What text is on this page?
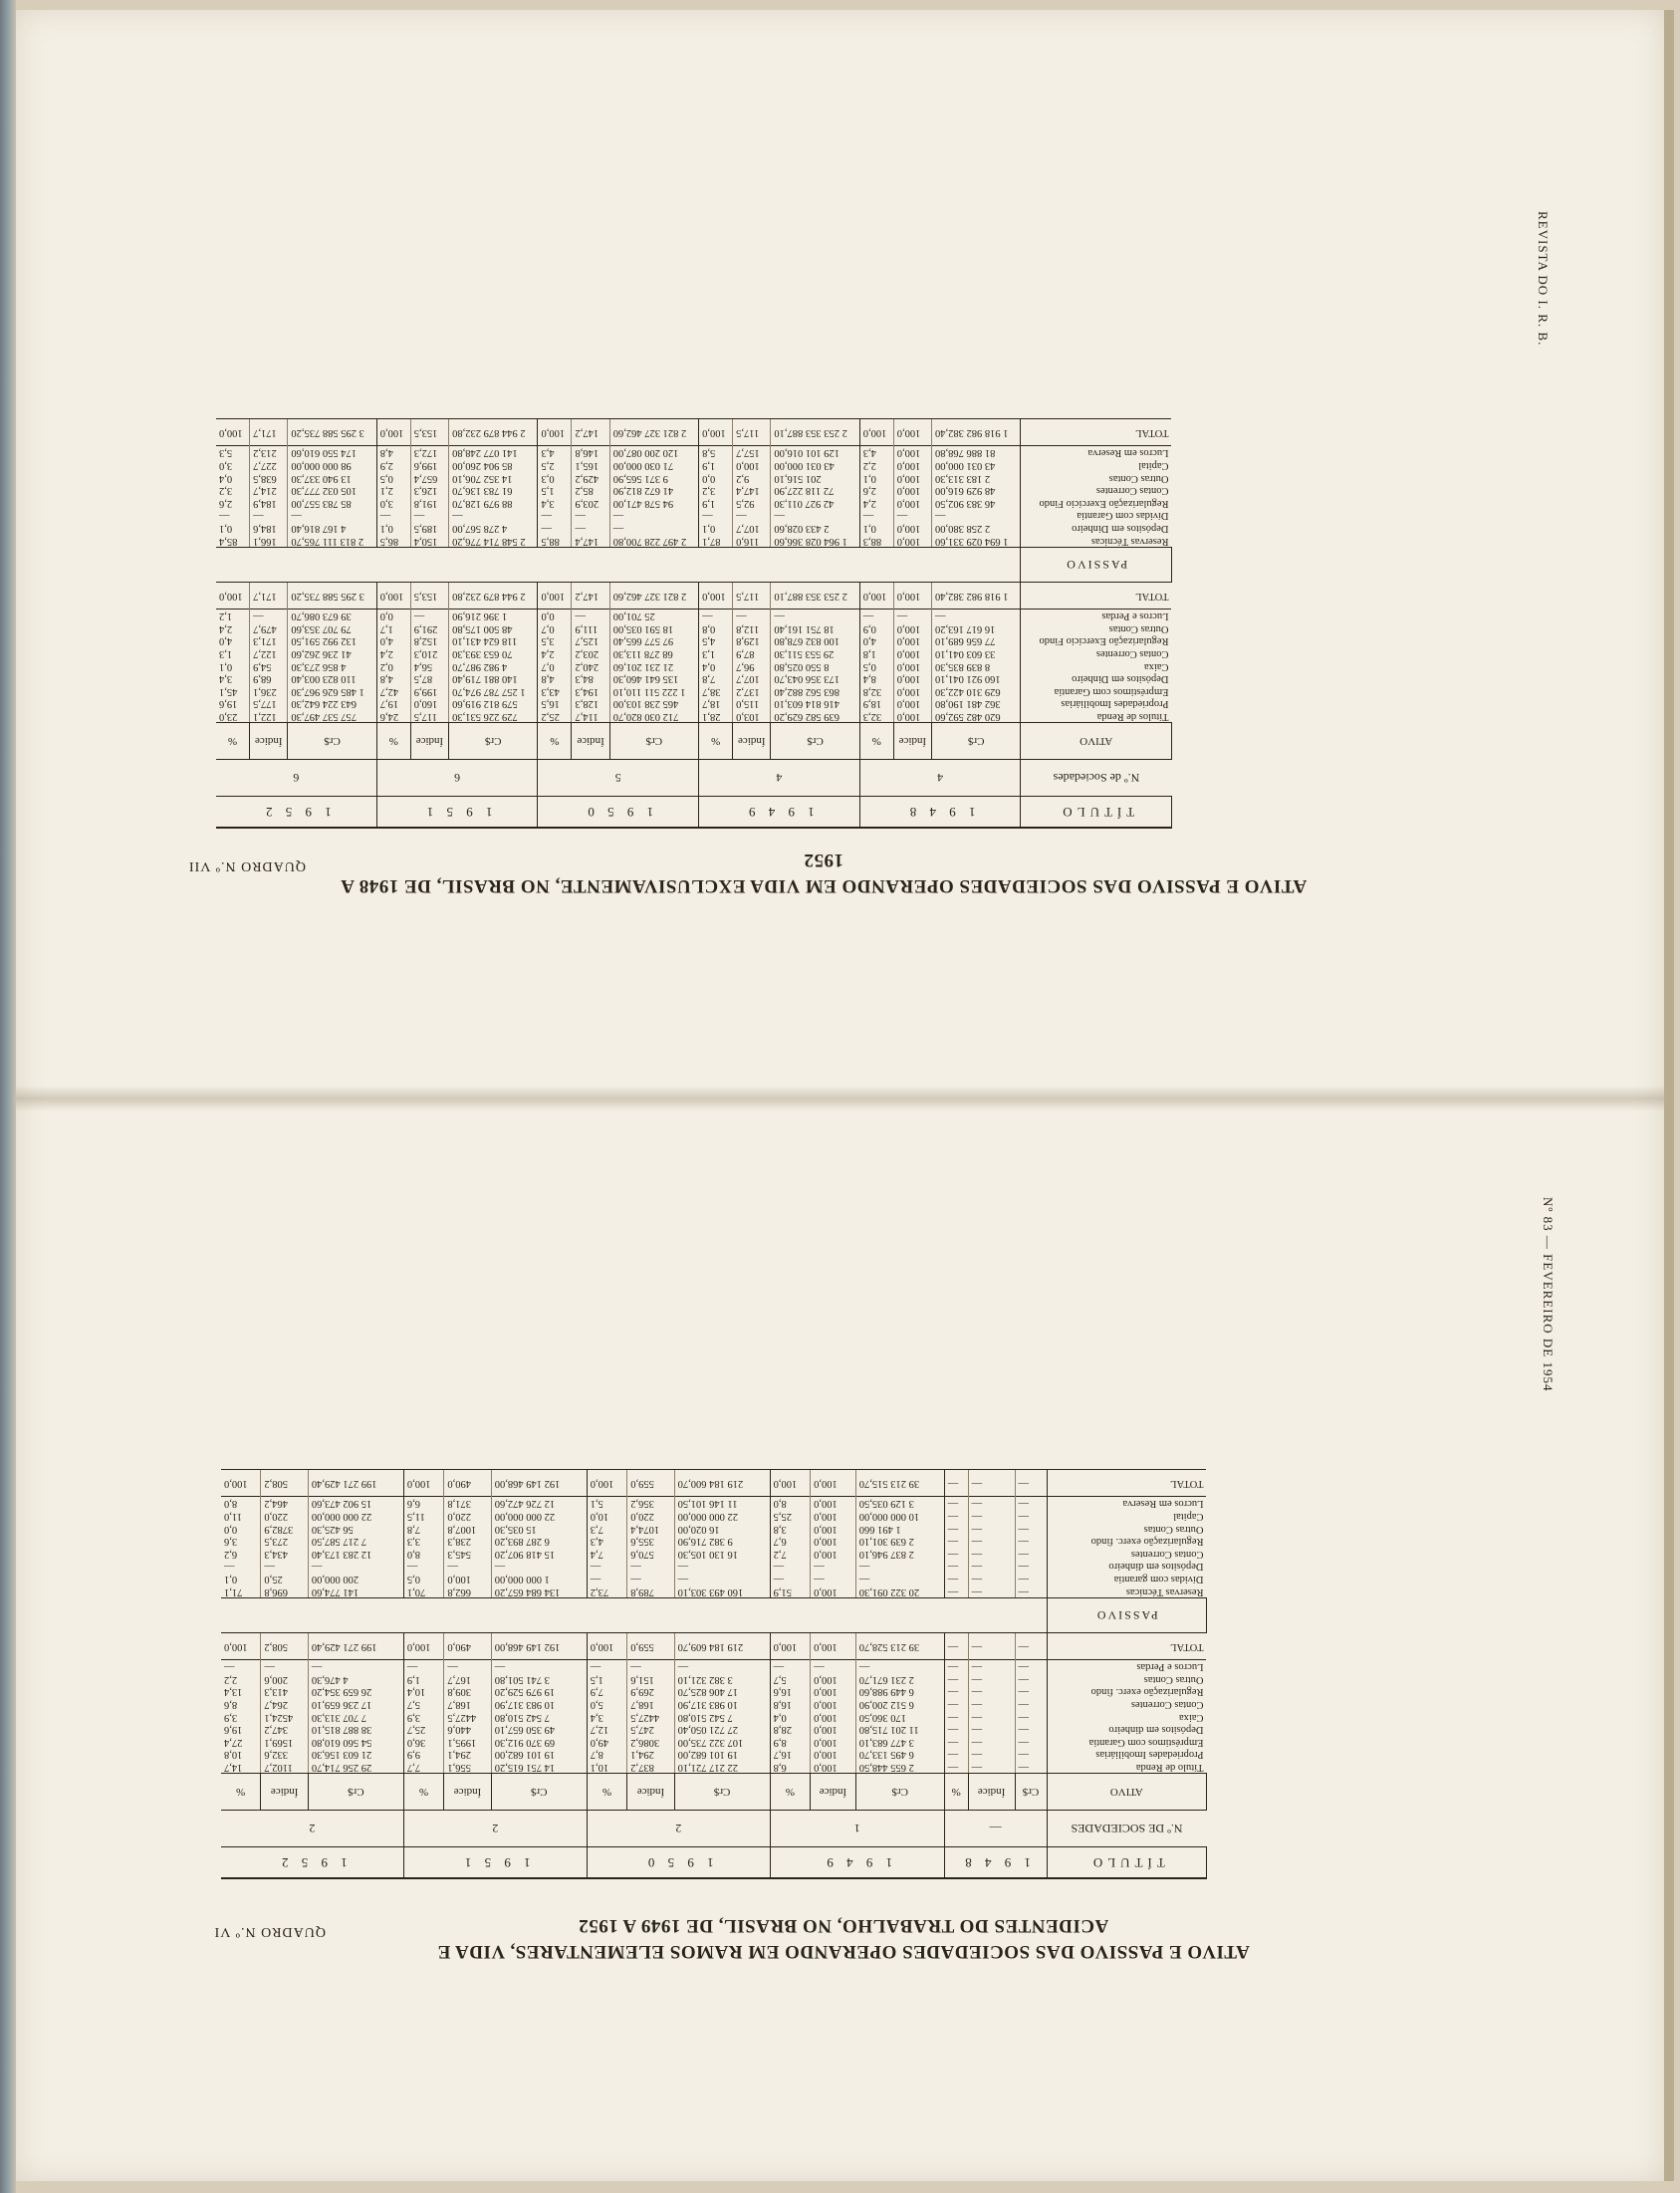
REVISTA DO I. R. B.
Nº 83 — FEVEREIRO DE 1954
QUADRO N.º VII
ATIVO E PASSIVO DAS SOCIEDADES OPERANDO EM VIDA EXCLUSIVAMENTE, NO BRASIL, DE 1948 A 1952
TÍTULO	1 9 4 8			1 9 4 9			1 9 5 0			1 9 5 1			1 9 5 2		
N.º de Sociedades	4			4			5			6			6		
ATIVO	Cr$	Índice	%	Cr$	Índice	%	Cr$	Índice	%	Cr$	Índice	%	Cr$	Índice	%
Títulos de Renda	620 482 592,60	100,0	32,3	639 582 629,20	103,0	28,1	712 030 820,70	114,7	25,2	729 226 531,30	117,5	24,6	757 537 497,30	122,1	23,0
Propriedades Imobiliárias	362 481 190,80	100,0	18,9	416 814 603,10	115,0	18,7	465 238 103,00	128,3	16,5	579 812 919,60	160,0	19,7	643 224 642,30	177,5	19,6
Empréstimos com Garantia	629 310 422,30	100,0	32,8	863 562 882,40	137,2	38,7	1 222 511 110,10	194,3	43,3	1 257 787 974,70	199,9	42,7	1 485 626 967,30	236,1	45,1
Depósitos em Dinheiro	160 921 041,10	100,0	8,4	173 356 043,70	107,7	7,8	135 641 460,30	84,3	4,8	140 881 719,40	87,5	4,8	110 823 003,40	68,9	3,4
Caixa	8 839 835,30	100,0	0,5	8 550 025,80	96,7	0,4	21 231 201,60	240,2	0,7	4 982 987,70	56,4	0,2	4 856 273,30	54,9	0,1
Contas Correntes	33 603 041,10	100,0	1,8	29 553 511,30	87,9	1,3	68 278 113,30	203,2	2,4	70 653 393,30	210,3	2,4	41 236 262,60	122,7	1,3
Regularização Exercício Findo	77 656 689,10	100,0	4,0	100 832 678,80	129,8	4,5	97 577 665,40	125,7	3,5	118 624 431,10	152,8	4,0	132 992 591,50	171,3	4,0
Outras Contas	16 617 163,20	100,0	0,9	18 751 161,40	112,8	0,8	18 591 035,00	111,9	0,7	48 500 175,80	291,9	1,7	79 707 353,60	479,7	2,4
Lucros e Perdas	—	—	—	—	—	—	25 701,00	—	0,0	1 396 216,90	—	0,0	39 673 086,70	—	1,2
TOTAL	1 918 982 382,40	100,0	100,0	2 253 353 887,10	117,5	100,0	2 821 327 462,60	147,2	100,0	2 944 879 232,80	153,5	100,0	3 295 588 735,20	171,7	100,0
PASSIVO															
Reservas Técnicas	1 694 029 331,60	100,0	88,3	1 964 028 366,60	116,0	87,1	2 497 228 700,80	147,4	88,5	2 548 714 776,20	150,4	86,5	2 813 111 765,70	166,1	85,4
Depósitos em Dinheiro	2 258 380,00	100,0	0,1	2 433 028,60	107,7	0,1	—	—	—	4 278 567,00	189,5	0,1	4 167 816,40	184,6	0,1
Dívidas com Garantia	—	—	—	—	—	—	—	—	—	—	—	—	—	—	—
Regularização Exercício Findo	46 383 902,50	100,0	2,4	42 927 011,30	92,5	1,9	94 578 471,00	203,9	3,4	88 979 128,70	191,8	3,0	85 783 557,00	184,9	2,6
Contas Correntes	48 929 616,00	100,0	2,6	72 118 227,90	147,4	3,2	41 672 812,90	85,2	1,5	61 783 136,70	126,3	2,1	105 032 777,30	214,7	3,2
Outras Contas	2 183 313,30	100,0	0,1	201 516,10	9,2	0,0	9 371 565,90	429,2	0,3	14 352 706,10	657,4	0,5	13 940 337,30	638,5	0,4
Capital	43 031 000,00	100,0	2,2	43 031 000,00	100,0	1,9	71 030 000,00	165,1	2,5	85 904 260,00	199,6	2,9	98 000 000,00	227,7	3,0
Lucros em Reserva	81 886 768,80	100,0	4,3	129 101 016,00	157,7	5,8	120 200 087,00	146,8	4,3	141 077 248,80	172,3	4,8	174 550 610,60	213,2	5,3
TOTAL	1 918 982 382,40	100,0	100,0	2 253 353 887,10	117,5	100,0	2 821 327 462,60	147,2	100,0	2 944 879 232,80	153,5	100,0	3 295 588 735,20	171,7	100,0
QUADRO N.º VI
ATIVO E PASSIVO DAS SOCIEDADES OPERANDO EM RAMOS ELEMENTARES, VIDA E
ACIDENTES DO TRABALHO, NO BRASIL, DE 1949 A 1952
TÍTULO	1 9 4 8			1 9 4 9			1 9 5 0			1 9 5 1			1 9 5 2		
N.º DE SOCIEDADES	—			1			2			2			2		
ATIVO	Cr$	Índice	%	Cr$	Índice	%	Cr$	Índice	%	Cr$	Índice	%	Cr$	Índice	%
Título de Renda	—	—	—	2 655 448,50	100,0	6,8	22 217 721,10	837,2	10,1	14 751 615,20	556,1	7,7	29 256 714,70	1102,7	14,7
Propriedades Imobiliárias	—	—	—	6 495 133,70	100,0	16,7	19 101 682,00	294,1	8,7	19 101 682,00	294,1	9,9	21 603 156,30	332,6	10,8
Empréstimos com Garantia	—	—	—	3 477 683,10	100,0	8,9	107 322 735,00	3086,2	49,0	69 370 912,30	1995,1	36,0	54 560 610,80	1569,1	27,4
Depósitos em dinheiro	—	—	—	11 201 715,80	100,0	28,8	27 721 050,40	247,5	12,7	49 350 657,10	440,6	25,7	38 887 815,10	347,2	19,6
Caixa	—	—	—	170 360,50	100,0	0,4	7 542 510,80	4427,5	3,4	7 542 510,80	4427,5	3,9	7 707 313,30	4524,1	3,9
Contas Correntes	—	—	—	6 512 200,90	100,0	16,8	10 983 317,90	168,7	5,0	10 983 317,90	168,7	5,7	17 236 659,10	264,7	8,6
Regularização exerc. findo	—	—	—	6 449 988,60	100,0	16,6	17 406 825,70	269,9	7,9	19 979 529,20	309,8	10,4	26 659 354,20	413,3	13,4
Outras Contas	—	—	—	2 231 671,70	100,0	5,7	3 382 321,10	151,6	1,5	3 741 501,80	167,7	1,9	4 476,30	200,6	2,2
Lucros e Perdas	—	—	—	—	—	—	—	—	—	—	—	—	—	—	—
TOTAL	—	—	—	39 213 528,70	100,0	100,0	219 184 609,70	559,0	100,0	192 149 468,00	490,0	100,0	199 271 429,40	508,2	100,0
PASSIVO															
Reservas Técnicas	—	—	—	20 322 091,30	100,0	51,9	160 493 303,10	789,8	73,2	134 684 657,20	662,8	70,1	141 774,60	696,8	71,1
Dívidas com garantia	—	—	—	—	—	—	—	—	—	1 000 000,00	100,0	0,5	200 000,00	25,0	0,1
Depósitos em dinheiro	—	—	—	—	—	—	—	—	—	—	—	—	—	—	—
Contas Correntes	—	—	—	2 837 946,10	100,0	7,2	16 130 105,30	570,6	7,4	15 418 907,20	545,3	8,0	12 283 173,40	434,3	6,2
Regularização exerc. findo	—	—	—	2 639 301,10	100,0	6,7	9 382 716,90	355,6	4,3	6 287 893,20	238,3	3,3	7 217 587,50	273,5	3,6
Outras Contas	—	—	—	1 491 660	100,0	3,8	16 020,00	1074,4	7,3	15 035,30	1007,8	7,8	56 425,30	3782,9	0,0
Capital	—	—	—	10 000 000,00	100,0	25,5	22 000 000,00	220,0	10,0	22 000 000,00	220,0	11,5	22 000 000,00	220,0	11,0
Lucros em Reserva	—	—	—	3 129 035,50	100,0	8,0	11 146 101,50	356,2	5,1	12 726 472,60	371,8	6,6	15 902 473,60	464,2	8,0
TOTAL	—	—	—	39 213 515,70	100,0	100,0	219 184 600,70	559,0	100,0	192 149 468,00	490,0	100,0	199 271 429,40	508,2	100,0
